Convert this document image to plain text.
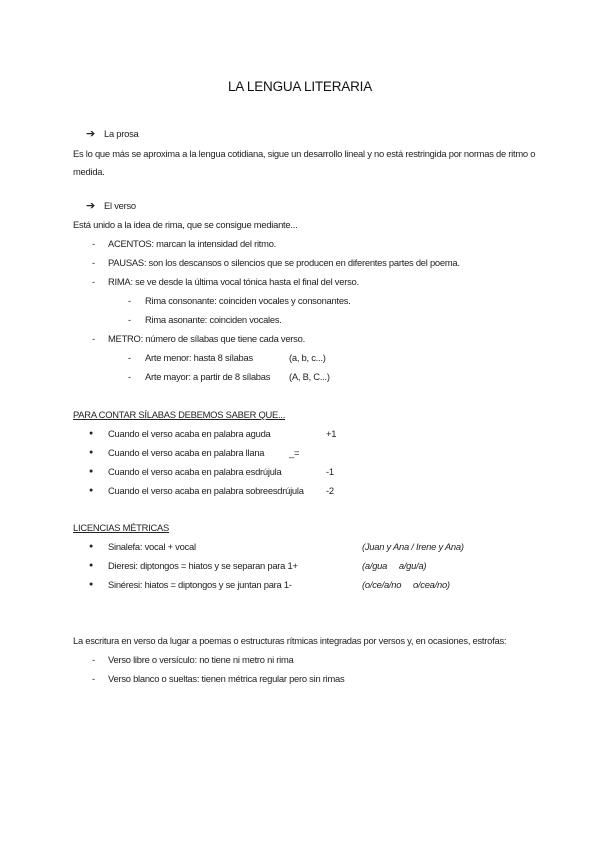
LA LENGUA LITERARIA
➔ La prosa
Es lo que más se aproxima a la lengua cotidiana, sigue un desarrollo lineal y no está restringida por normas de ritmo o
medida.
➔ El verso
Está unido a la idea de rima, que se consigue mediante...
- ACENTOS: marcan la intensidad del ritmo.
- PAUSAS: son los descansos o silencios que se producen en diferentes partes del poema.
- RIMA: se ve desde la última vocal tónica hasta el final del verso.
- Rima consonante: coinciden vocales y consonantes.
- Rima asonante: coinciden vocales.
- METRO: número de sílabas que tiene cada verso.
- Arte menor: hasta 8 sílabas	(a, b, c...)
- Arte mayor: a partir de 8 sílabas (A, B, C...)
PARA CONTAR SÍLABAS DEBEMOS SABER QUE...
● Cuando el verso acaba en palabra aguda	+1
● Cuando el verso acaba en palabra llana	_=
● Cuando el verso acaba en palabra esdrújula	-1
● Cuando el verso acaba en palabra sobreesdrújula -2
LICENCIAS MÉTRICAS
● Sinalefa: vocal + vocal	(Juan y Ana / Irene y Ana)
● Dieresi: diptongos = hiatos y se separan para 1+	(a/gua     a/gu/a)
● Sinéresi: hiatos = diptongos y se juntan para 1-	(o/ce/a/no     o/cea/no)
La escritura en verso da lugar a poemas o estructuras rítmicas integradas por versos y, en ocasiones, estrofas:
- Verso libre o versículo: no tiene ni metro ni rima
- Verso blanco o sueltas: tienen métrica regular pero sin rimas
